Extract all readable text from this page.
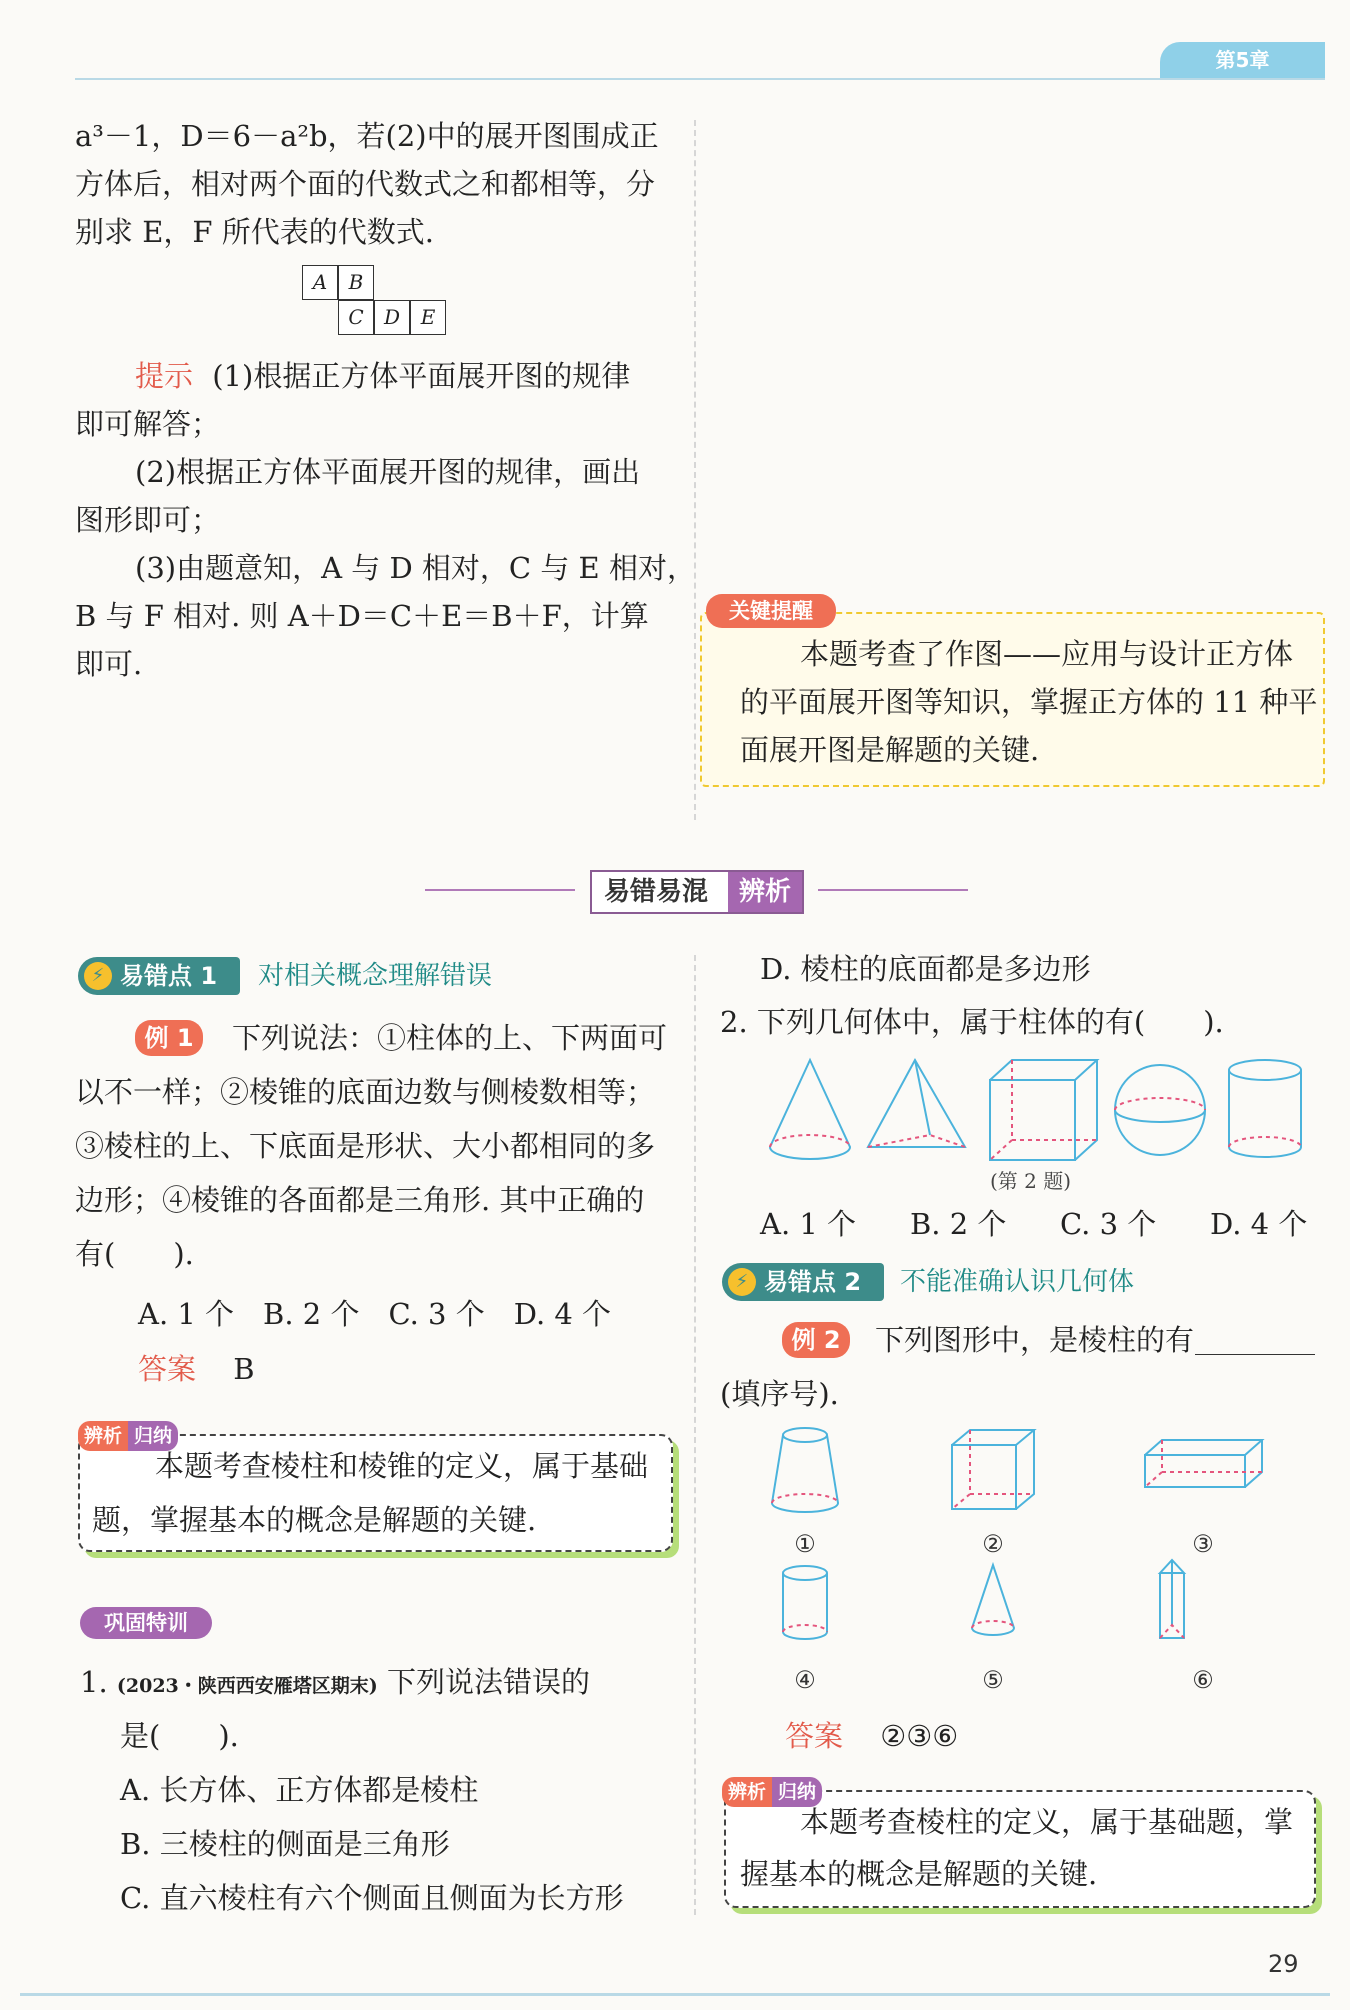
第5章
a³－1，D＝6－a²b，若(2)中的展开图围成正
方体后，相对两个面的代数式之和都相等，分
别求 E，F 所代表的代数式.
A	B
C	D	E
提示 (1)根据正方体平面展开图的规律
即可解答；
(2)根据正方体平面展开图的规律，画出
图形即可；
(3)由题意知，A 与 D 相对，C 与 E 相对，
B 与 F 相对. 则 A＋D＝C＋E＝B＋F，计算
即可.
关键提醒
本题考查了作图——应用与设计正方体
的平面展开图等知识，掌握正方体的 11 种平
面展开图是解题的关键.
易错易混	辨析
⚡ 易错点 1	对相关概念理解错误
例 1	下列说法：①柱体的上、下两面可
以不一样；②棱锥的底面边数与侧棱数相等；
③棱柱的上、下底面是形状、大小都相同的多
边形；④棱锥的各面都是三角形. 其中正确的
有(　　).
A. 1 个　B. 2 个　C. 3 个　D. 4 个
答案 B
辨析 归纳
本题考查棱柱和棱锥的定义，属于基础
题，掌握基本的概念是解题的关键.
巩固特训
1. (2023・陕西西安雁塔区期末) 下列说法错误的
是(　　).
A. 长方体、正方体都是棱柱
B. 三棱柱的侧面是三角形
C. 直六棱柱有六个侧面且侧面为长方形
D. 棱柱的底面都是多边形
2. 下列几何体中，属于柱体的有(　　).
(第 2 题)
A. 1 个 B. 2 个 C. 3 个 D. 4 个
⚡ 易错点 2	不能准确认识几何体
例 2	下列图形中，是棱柱的有
(填序号).
①	②	③
④	⑤	⑥
答案 ②③⑥
辨析 归纳
本题考查棱柱的定义，属于基础题，掌
握基本的概念是解题的关键.
29
